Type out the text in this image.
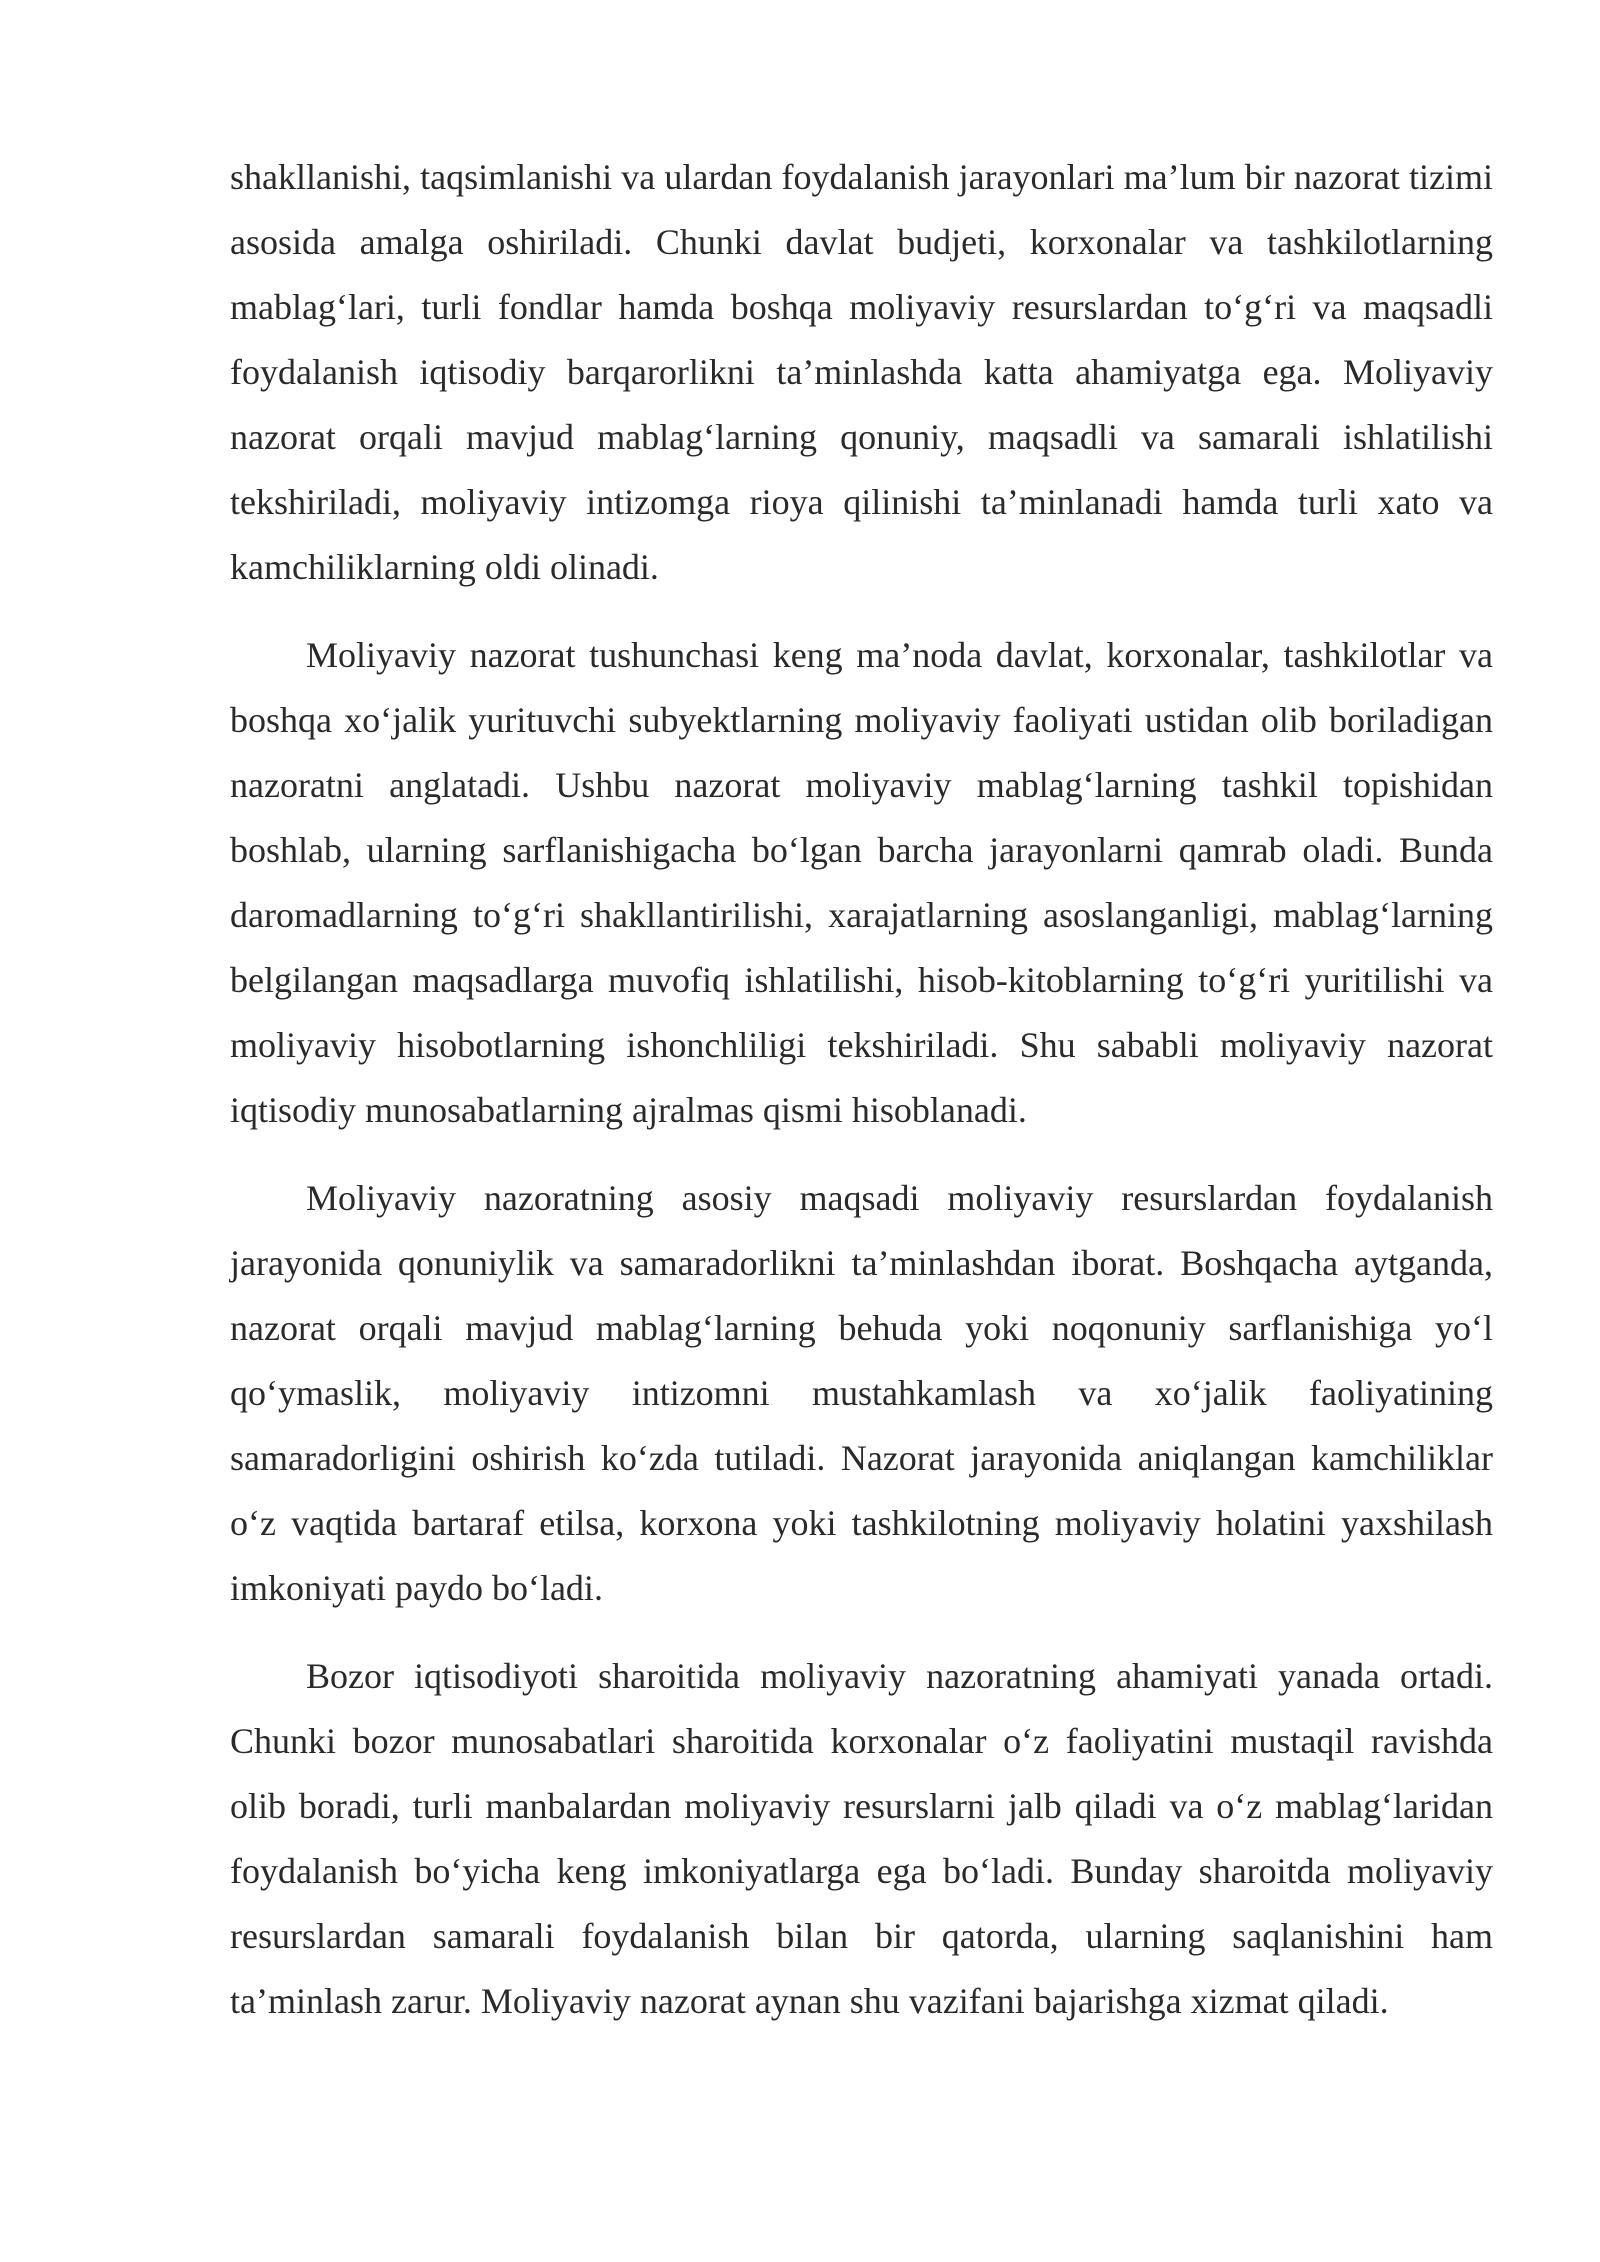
shakllanishi, taqsimlanishi va ulardan foydalanish jarayonlari ma’lum bir nazorat tizimi asosida amalga oshiriladi. Chunki davlat budjeti, korxonalar va tashkilotlarning mablag‘lari, turli fondlar hamda boshqa moliyaviy resurslardan to‘g‘ri va maqsadli foydalanish iqtisodiy barqarorlikni ta’minlashda katta ahamiyatga ega. Moliyaviy nazorat orqali mavjud mablag‘larning qonuniy, maqsadli va samarali ishlatilishi tekshiriladi, moliyaviy intizomga rioya qilinishi ta’minlanadi hamda turli xato va kamchiliklarning oldi olinadi.

Moliyaviy nazorat tushunchasi keng ma’noda davlat, korxonalar, tashkilotlar va boshqa xo‘jalik yurituvchi subyektlarning moliyaviy faoliyati ustidan olib boriladigan nazoratni anglatadi. Ushbu nazorat moliyaviy mablag‘larning tashkil topishidan boshlab, ularning sarflanishigacha bo‘lgan barcha jarayonlarni qamrab oladi. Bunda daromadlarning to‘g‘ri shakllantirilishi, xarajatlarning asoslanganligi, mablag‘larning belgilangan maqsadlarga muvofiq ishlatilishi, hisob-kitoblarning to‘g‘ri yuritilishi va moliyaviy hisobotlarning ishonchliligi tekshiriladi. Shu sababli moliyaviy nazorat iqtisodiy munosabatlarning ajralmas qismi hisoblanadi.

Moliyaviy nazoratning asosiy maqsadi moliyaviy resurslardan foydalanish jarayonida qonuniylik va samaradorlikni ta’minlashdan iborat. Boshqacha aytganda, nazorat orqali mavjud mablag‘larning behuda yoki noqonuniy sarflanishiga yo‘l qo‘ymaslik, moliyaviy intizomni mustahkamlash va xo‘jalik faoliyatining samaradorligini oshirish ko‘zda tutiladi. Nazorat jarayonida aniqlangan kamchiliklar o‘z vaqtida bartaraf etilsa, korxona yoki tashkilotning moliyaviy holatini yaxshilash imkoniyati paydo bo‘ladi.

Bozor iqtisodiyoti sharoitida moliyaviy nazoratning ahamiyati yanada ortadi. Chunki bozor munosabatlari sharoitida korxonalar o‘z faoliyatini mustaqil ravishda olib boradi, turli manbalardan moliyaviy resurslarni jalb qiladi va o‘z mablag‘laridan foydalanish bo‘yicha keng imkoniyatlarga ega bo‘ladi. Bunday sharoitda moliyaviy resurslardan samarali foydalanish bilan bir qatorda, ularning saqlanishini ham ta’minlash zarur. Moliyaviy nazorat aynan shu vazifani bajarishga xizmat qiladi.
